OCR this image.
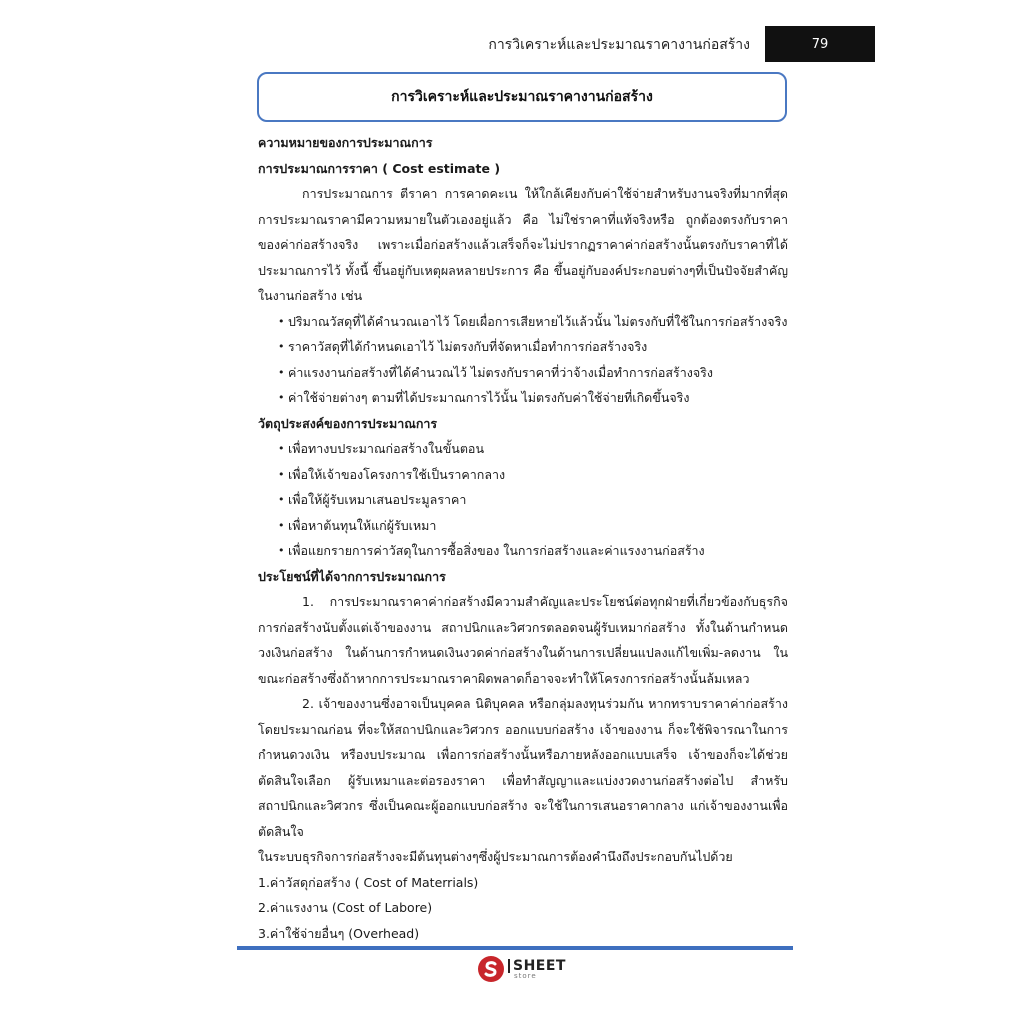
การวิเคราะห์และประมาณราคางานก่อสร้าง	79
การวิเคราะห์และประมาณราคางานก่อสร้าง

ความหมายของการประมาณการ

การประมาณการราคา ( Cost estimate )

การประมาณการ ตีราคา การคาดคะเน ให้ใกล้เคียงกับค่าใช้จ่ายสำหรับงานจริงที่มากที่สุด การประมาณราคามีความหมายในตัวเองอยู่แล้ว คือ ไม่ใช่ราคาที่แท้จริงหรือ ถูกต้องตรงกับราคาของค่าก่อสร้างจริง เพราะเมื่อก่อสร้างแล้วเสร็จก็จะไม่ปรากฏราคาค่าก่อสร้างนั้นตรงกับราคาที่ได้ประมาณการไว้ ทั้งนี้ ขึ้นอยู่กับเหตุผลหลายประการ คือ ขึ้นอยู่กับองค์ประกอบต่างๆที่เป็นปัจจัยสำคัญในงานก่อสร้าง เช่น

• ปริมาณวัสดุที่ได้คำนวณเอาไว้ โดยเผื่อการเสียหายไว้แล้วนั้น ไม่ตรงกับที่ใช้ในการก่อสร้างจริง
• ราคาวัสดุที่ได้กำหนดเอาไว้ ไม่ตรงกับที่จัดหาเมื่อทำการก่อสร้างจริง
• ค่าแรงงานก่อสร้างที่ได้คำนวณไว้ ไม่ตรงกับราคาที่ว่าจ้างเมื่อทำการก่อสร้างจริง
• ค่าใช้จ่ายต่างๆ ตามที่ได้ประมาณการไว้นั้น ไม่ตรงกับค่าใช้จ่ายที่เกิดขึ้นจริง

วัตถุประสงค์ของการประมาณการ

• เพื่อทางบประมาณก่อสร้างในขั้นตอน
• เพื่อให้เจ้าของโครงการใช้เป็นราคากลาง
• เพื่อให้ผู้รับเหมาเสนอประมูลราคา
• เพื่อหาต้นทุนให้แก่ผู้รับเหมา
• เพื่อแยกรายการค่าวัสดุในการซื้อสิ่งของ ในการก่อสร้างและค่าแรงงานก่อสร้าง

ประโยชน์ที่ได้จากการประมาณการ

1. การประมาณราคาค่าก่อสร้างมีความสำคัญและประโยชน์ต่อทุกฝ่ายที่เกี่ยวข้องกับธุรกิจการก่อสร้างนับตั้งแต่เจ้าของงาน สถาปนิกและวิศวกรตลอดจนผู้รับเหมาก่อสร้าง ทั้งในด้านกำหนดวงเงินก่อสร้าง ในด้านการกำหนดเงินงวดค่าก่อสร้างในด้านการเปลี่ยนแปลงแก้ไขเพิ่ม-ลดงาน ในขณะก่อสร้างซึ่งถ้าหากการประมาณราคาผิดพลาดก็อาจจะทำให้โครงการก่อสร้างนั้นล้มเหลว

2. เจ้าของงานซึ่งอาจเป็นบุคคล นิติบุคคล หรือกลุ่มลงทุนร่วมกัน หากทราบราคาค่าก่อสร้างโดยประมาณก่อน ที่จะให้สถาปนิกและวิศวกร ออกแบบก่อสร้าง เจ้าของงาน ก็จะใช้พิจารณาในการกำหนดวงเงิน หรืองบประมาณ เพื่อการก่อสร้างนั้นหรือภายหลังออกแบบเสร็จ เจ้าของก็จะได้ช่วยตัดสินใจเลือก ผู้รับเหมาและต่อรองราคา เพื่อทำสัญญาและแบ่งงวดงานก่อสร้างต่อไป สำหรับสถาปนิกและวิศวกร ซึ่งเป็นคณะผู้ออกแบบก่อสร้าง จะใช้ในการเสนอราคากลาง แก่เจ้าของงานเพื่อตัดสินใจ

ในระบบธุรกิจการก่อสร้างจะมีต้นทุนต่างๆซึ่งผู้ประมาณการต้องคำนึงถึงประกอบกันไปด้วย

1.ค่าวัสดุก่อสร้าง ( Cost of Materrials)

2.ค่าแรงงาน (Cost of Labore)

3.ค่าใช้จ่ายอื่นๆ (Overhead)

SHEET
store
